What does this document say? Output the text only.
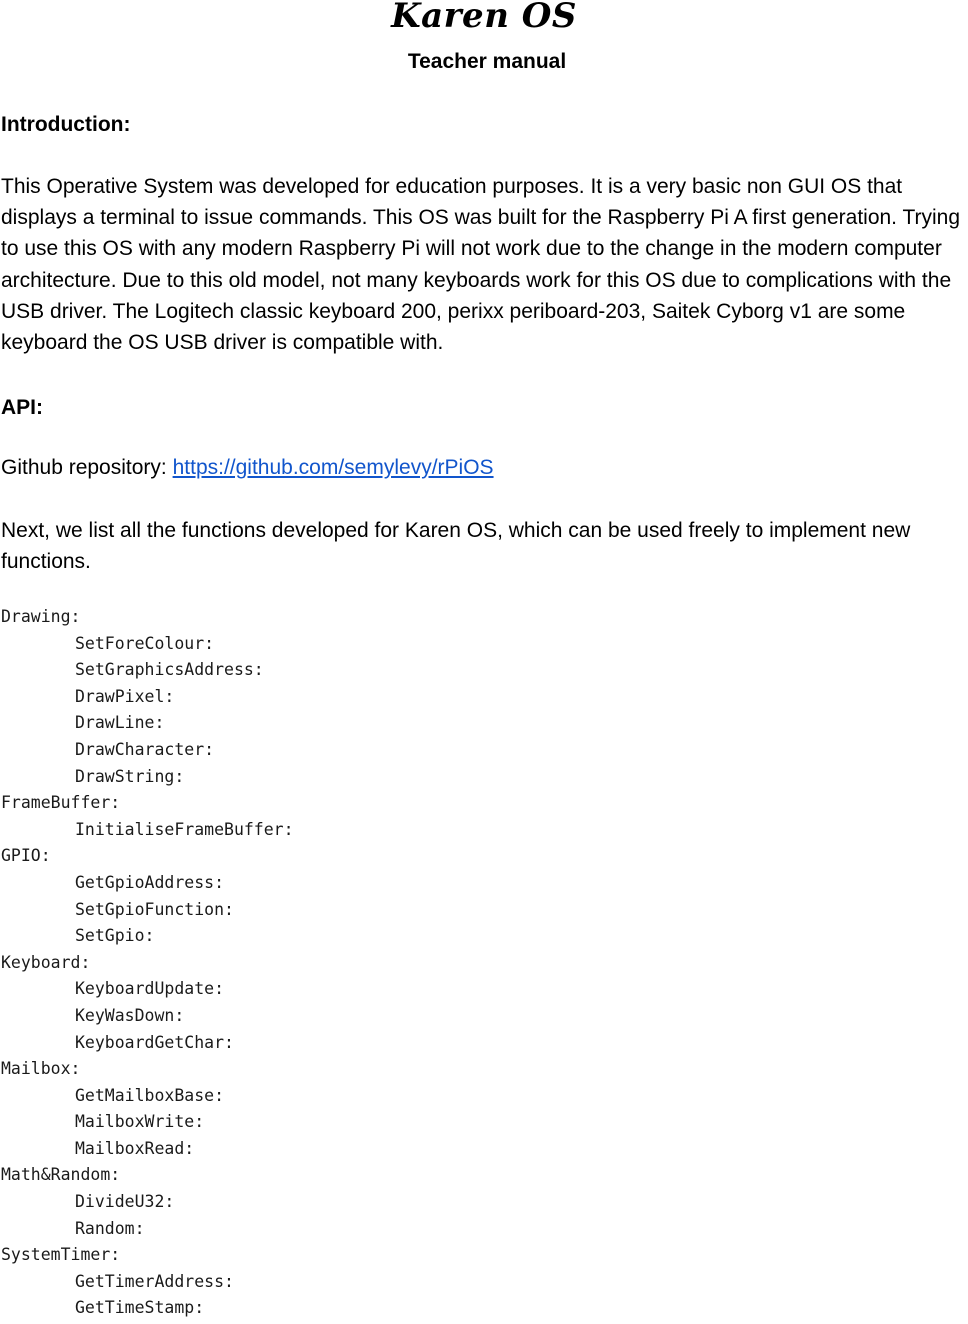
Karen OS
Teacher manual
Introduction:

This Operative System was developed for education purposes. It is a very basic non GUI OS that displays a terminal to issue commands. This OS was built for the Raspberry Pi A first generation. Trying to use this OS with any modern Raspberry Pi will not work due to the change in the modern computer architecture. Due to this old model, not many keyboards work for this OS due to complications with the USB driver. The Logitech classic keyboard 200, perixx periboard-203, Saitek Cyborg v1 are some keyboard the OS USB driver is compatible with.

API:

Github repository: https://github.com/semylevy/rPiOS

Next, we list all the functions developed for Karen OS, which can be used freely to implement new functions.

Drawing:
SetForeColour:
SetGraphicsAddress:
DrawPixel:
DrawLine:
DrawCharacter:
DrawString:
FrameBuffer:
InitialiseFrameBuffer:
GPIO:
GetGpioAddress:
SetGpioFunction:
SetGpio:
Keyboard:
KeyboardUpdate:
KeyWasDown:
KeyboardGetChar:
Mailbox:
GetMailboxBase:
MailboxWrite:
MailboxRead:
Math&Random:
DivideU32:
Random:
SystemTimer:
GetTimerAddress:
GetTimeStamp:
